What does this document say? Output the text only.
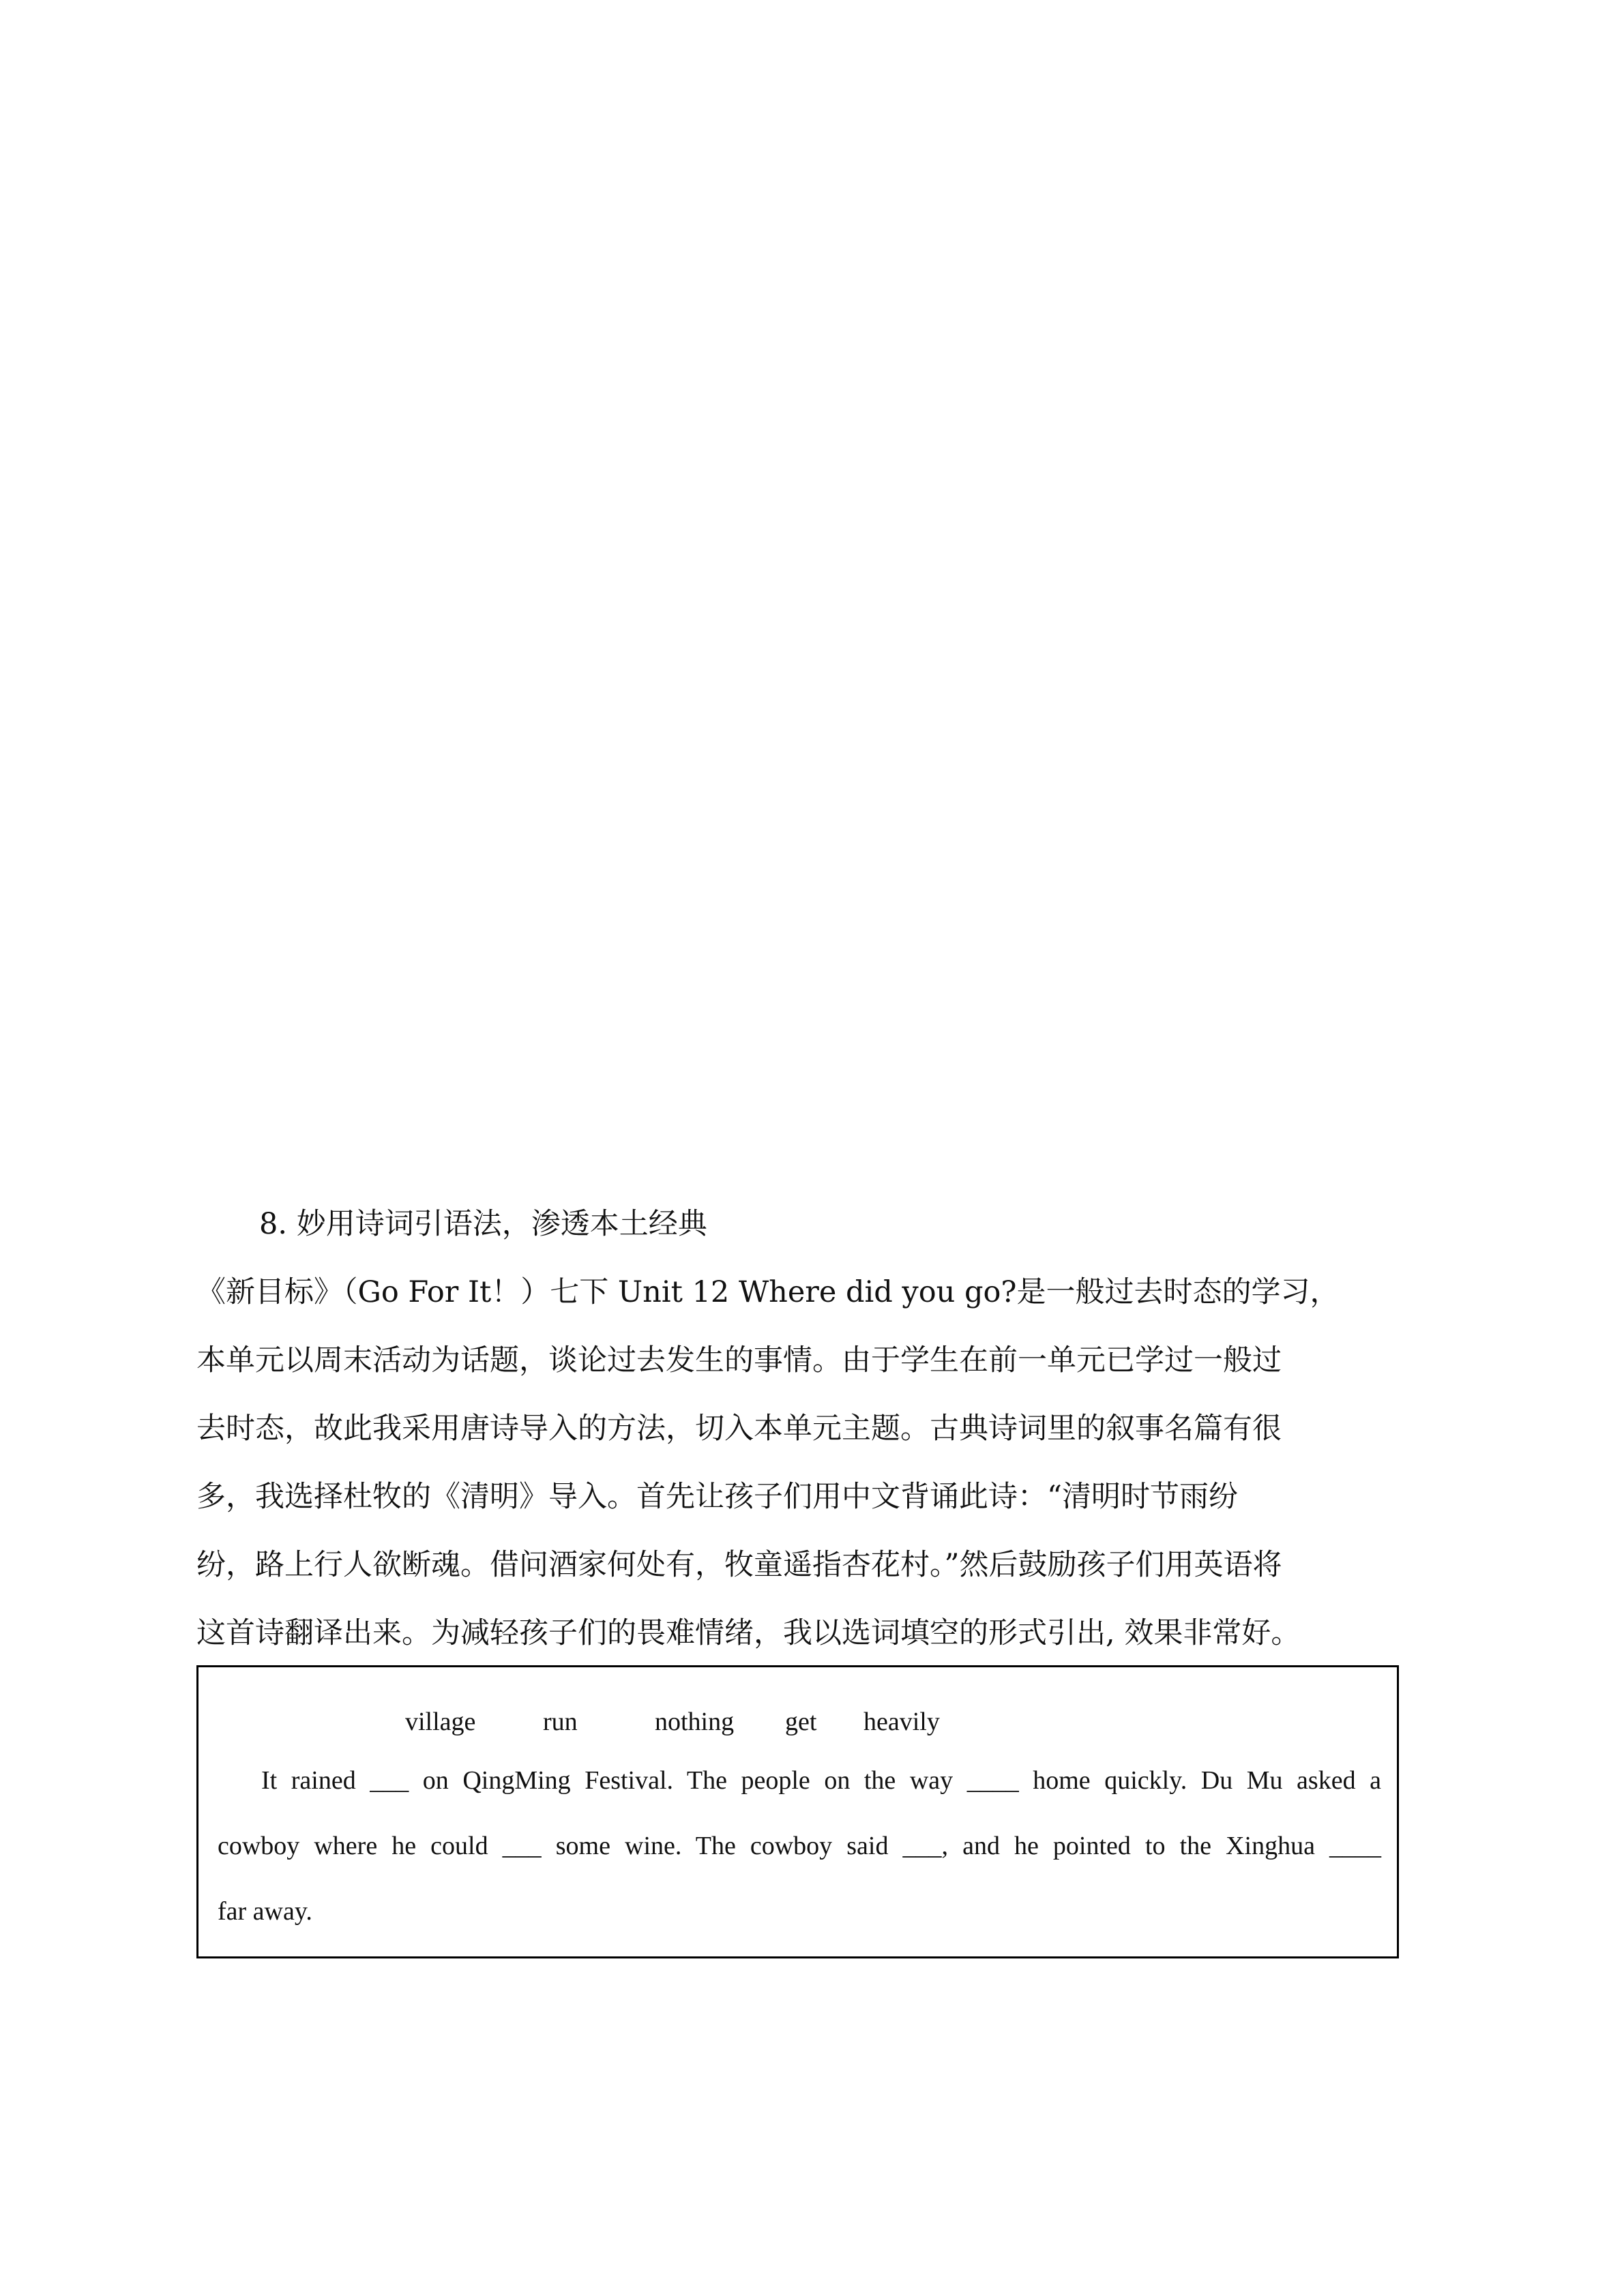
8. 妙用诗词引语法，渗透本土经典

《新目标》（Go For It！）七下 Unit 12 Where did you go?是一般过去时态的学习，

本单元以周末活动为话题，谈论过去发生的事情。由于学生在前一单元已学过一般过

去时态，故此我采用唐诗导入的方法，切入本单元主题。古典诗词里的叙事名篇有很

多，我选择杜牧的《清明》导入。首先让孩子们用中文背诵此诗：“清明时节雨纷

纷，路上行人欲断魂。借问酒家何处有，牧童遥指杏花村。”然后鼓励孩子们用英语将

这首诗翻译出来。为减轻孩子们的畏难情绪，我以选词填空的形式引出, 效果非常好。

village	run	nothing get heavily
It rained ___ on QingMing Festival. The people on the way ____ home quickly. Du Mu asked a
cowboy where he could ___ some wine. The cowboy said ___, and he pointed to the Xinghua ____
far away.
